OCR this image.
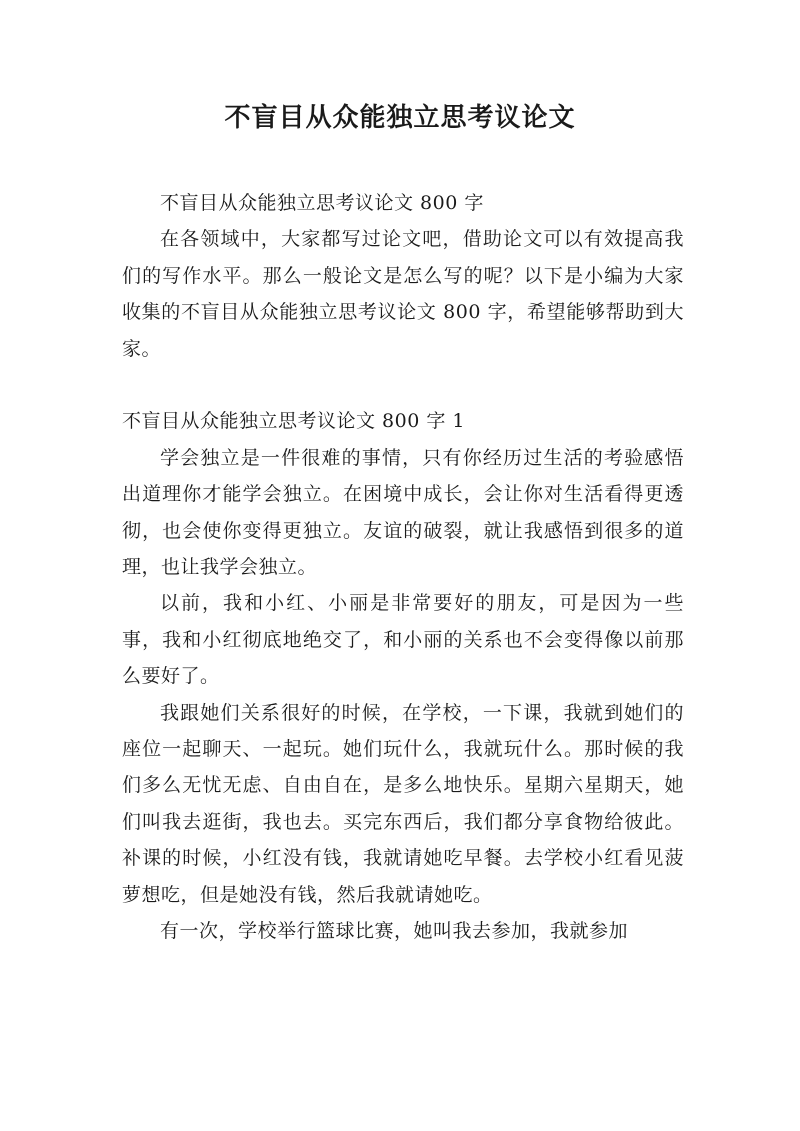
不盲目从众能独立思考议论文

不盲目从众能独立思考议论文 800 字

在各领域中，大家都写过论文吧，借助论文可以有效提高我们的写作水平。那么一般论文是怎么写的呢？以下是小编为大家收集的不盲目从众能独立思考议论文 800 字，希望能够帮助到大家。

不盲目从众能独立思考议论文 800 字 1

学会独立是一件很难的事情，只有你经历过生活的考验感悟出道理你才能学会独立。在困境中成长，会让你对生活看得更透彻，也会使你变得更独立。友谊的破裂，就让我感悟到很多的道理，也让我学会独立。

以前，我和小红、小丽是非常要好的朋友，可是因为一些事，我和小红彻底地绝交了，和小丽的关系也不会变得像以前那么要好了。

我跟她们关系很好的时候，在学校，一下课，我就到她们的座位一起聊天、一起玩。她们玩什么，我就玩什么。那时候的我们多么无忧无虑、自由自在，是多么地快乐。星期六星期天，她们叫我去逛街，我也去。买完东西后，我们都分享食物给彼此。补课的时候，小红没有钱，我就请她吃早餐。去学校小红看见菠萝想吃，但是她没有钱，然后我就请她吃。

有一次，学校举行篮球比赛，她叫我去参加，我就参加
